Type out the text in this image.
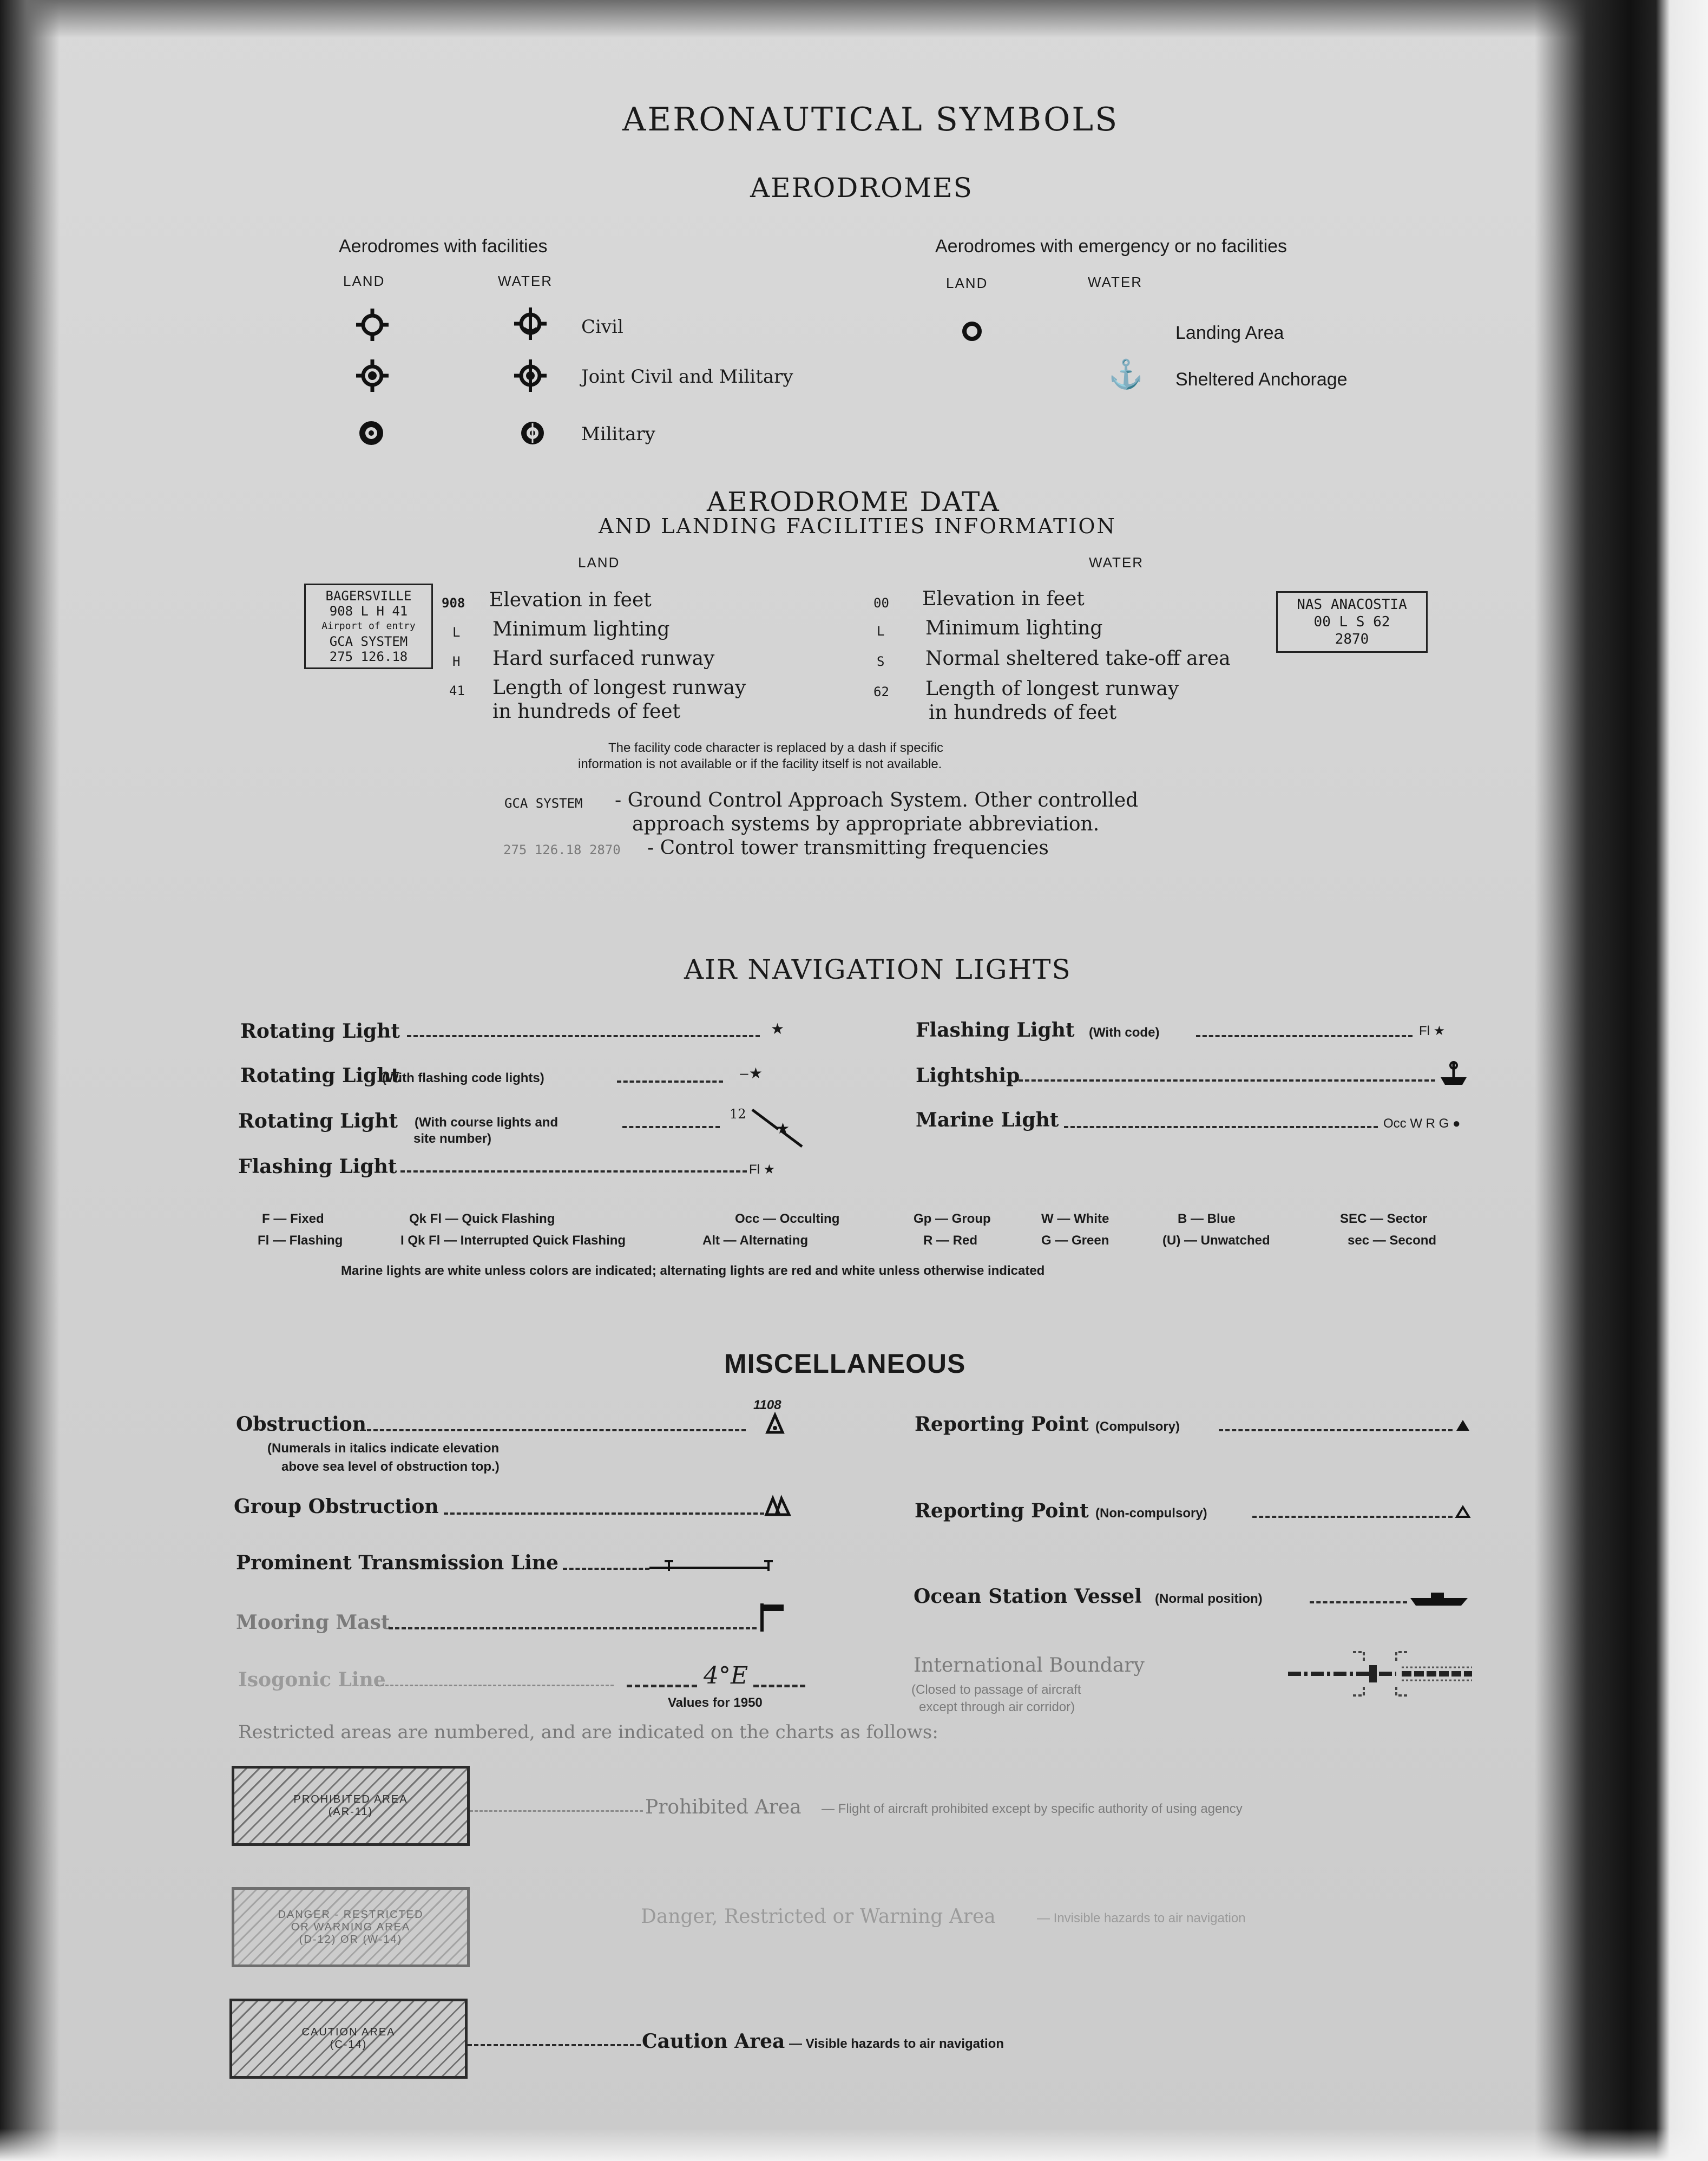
AERONAUTICAL SYMBOLS
AERODROMES
Aerodromes with facilities	Aerodromes with emergency or no facilities
LAND	WATER	LAND	WATER
Civil
Joint Civil and Military
Military
Landing Area
⚓ Sheltered Anchorage
AERODROME DATA
AND LANDING FACILITIES INFORMATION
LAND	WATER
BAGERSVILLE
908 L H 41
Airport of entry
GCA SYSTEM
275 126.18
NAS ANACOSTIA
00 L S 62
2870
908 Elevation in feet
L Minimum lighting
H Hard surfaced runway
41 Length of longest runway
in hundreds of feet
00 Elevation in feet
L Minimum lighting
S Normal sheltered take-off area
62 Length of longest runway
in hundreds of feet
The facility code character is replaced by a dash if specific
information is not available or if the facility itself is not available.
GCA SYSTEM - Ground Control Approach System. Other controlled
approach systems by appropriate abbreviation.
275 126.18 2870 - Control tower transmitting frequencies
AIR NAVIGATION LIGHTS
Rotating Light	★
Rotating Light
(With flashing code lights)	‒★
Rotating Light (With course lights and
site number)
12
★
Flashing Light	Fl ★
Flashing Light (With code)	Fl ★
Lightship
Marine Light	Occ W R G ●
F — Fixed	Qk Fl — Quick Flashing	Occ — Occulting	Gp — Group	W — White	B — Blue	SEC — Sector
Fl — Flashing	I Qk Fl — Interrupted Quick Flashing	Alt — Alternating	R — Red	G — Green	(U) — Unwatched	sec — Second
Marine lights are white unless colors are indicated; alternating lights are red and white unless otherwise indicated
MISCELLANEOUS
Obstruction
1108
(Numerals in italics indicate elevation
above sea level of obstruction top.)
Group Obstruction
Prominent Transmission Line
Mooring Mast
Isogonic Line	4°E
Values for 1950
Reporting Point (Compulsory)
Reporting Point (Non-compulsory)
Ocean Station Vessel (Normal position)
International Boundary
(Closed to passage of aircraft
except through air corridor)
Restricted areas are numbered, and are indicated on the charts as follows:
PROHIBITED AREA
(AR-11)	Prohibited Area — Flight of aircraft prohibited except by specific authority of using agency
DANGER - RESTRICTED
OR WARNING AREA
(D-12) OR (W-14)
Danger, Restricted or Warning Area	— Invisible hazards to air navigation
CAUTION AREA
(C-14)	Caution Area — Visible hazards to air navigation
